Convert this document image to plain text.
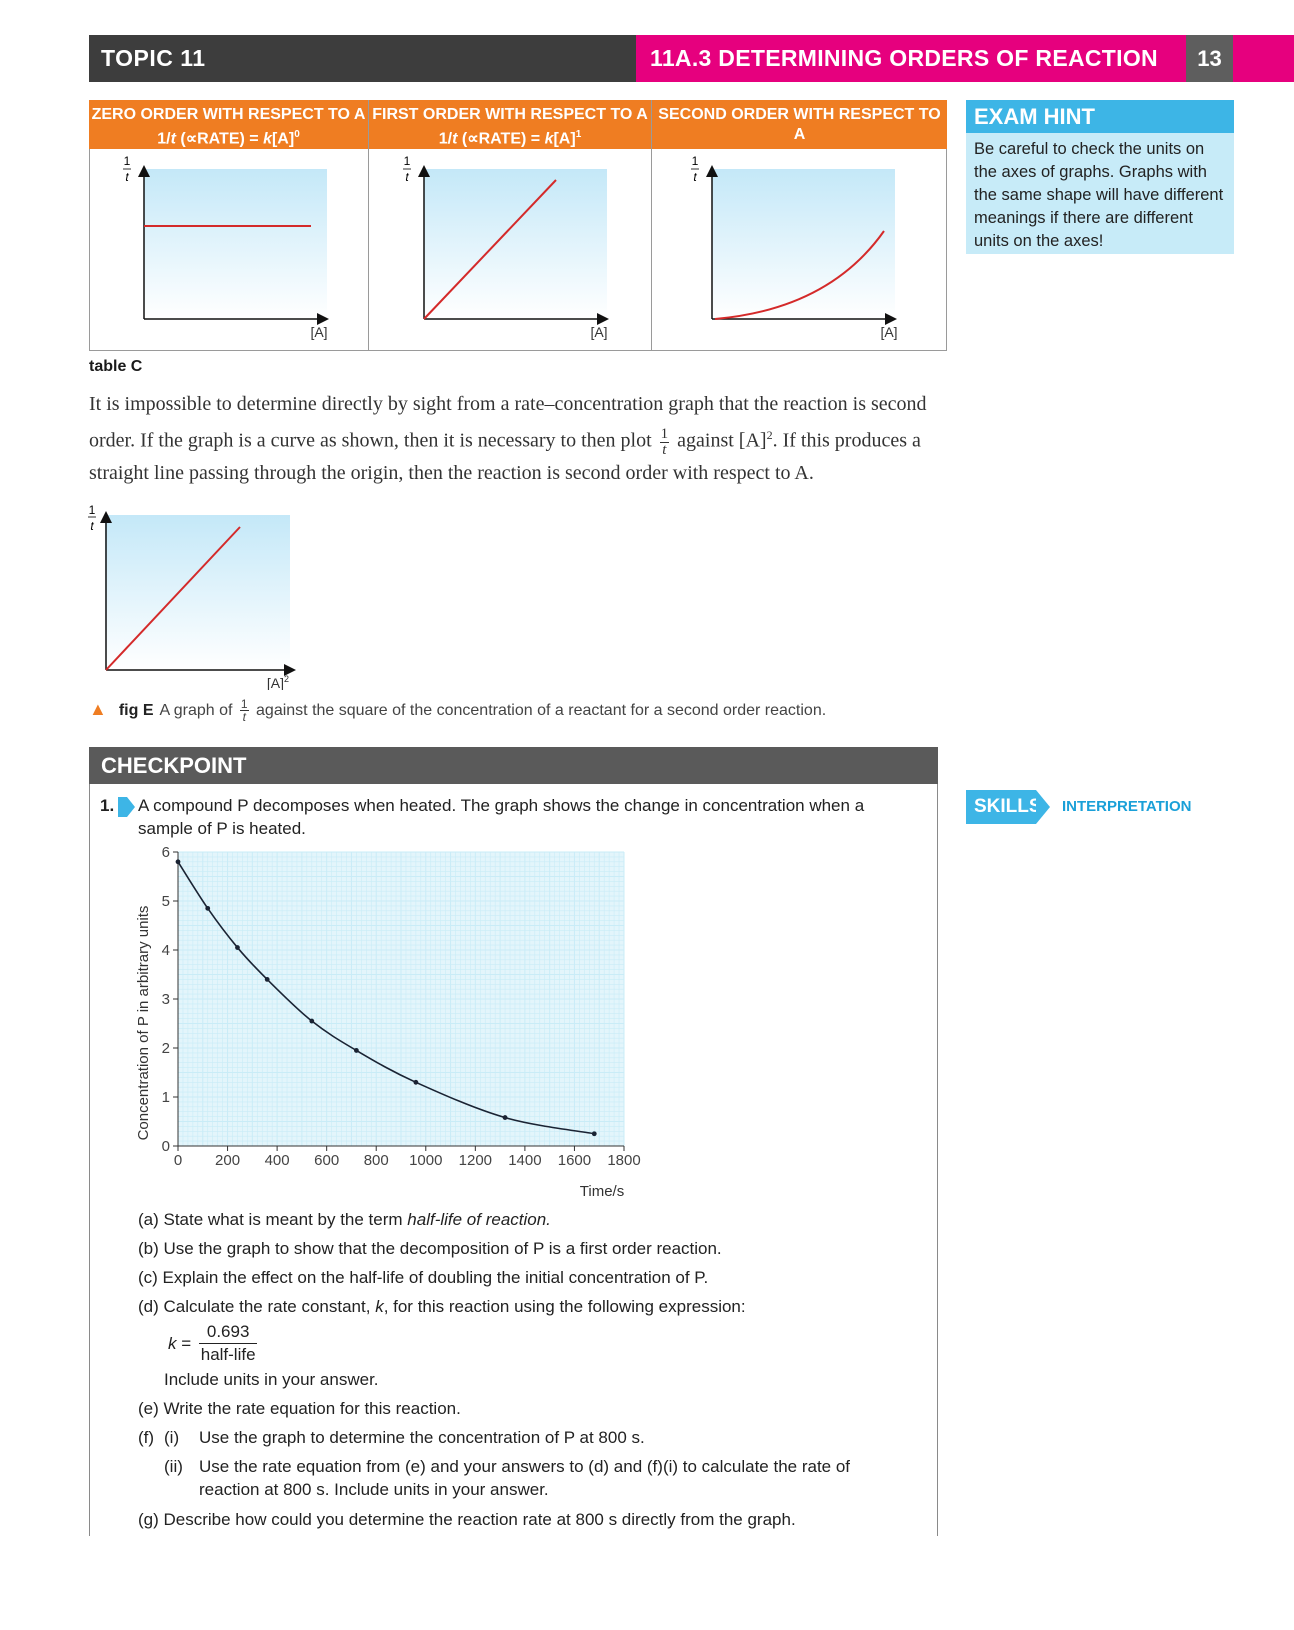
TOPIC 11	11A.3 DETERMINING ORDERS OF REACTION	13
ZERO ORDER WITH RESPECT TO A
1/t (∝RATE) = $k[A]^0$
FIRST ORDER WITH RESPECT TO A
1/t (∝RATE) = $k[A]^1$
SECOND ORDER WITH RESPECT TO A
1/t (∝RATE) = $k[A]^2$
1
t
[A]
1
t
[A]
1
t
[A]
table C
It is impossible to determine directly by sight from a rate–concentration graph that the reaction is second order. If the graph is a curve as shown, then it is necessary to then plot $\frac{1}{t}$ against $[A]^2$. If this produces a straight line passing through the origin, then the reaction is second order with respect to A.
1
t
$[A]^2$
▲ fig E A graph of $\frac{1}{t}$ against the square of the concentration of a reactant for a second order reaction.
EXAM HINT
Be careful to check the units on the axes of graphs. Graphs with the same shape will have different meanings if there are different units on the axes!
CHECKPOINT
1. A compound P decomposes when heated. The graph shows the change in concentration when a sample of P is heated.
SKILLS INTERPRETATION
0
1
2
3
4
5
6
0 200 400 600 800 1000 1200 1400 1600 1800
Concentration of P in arbitrary units
Time/s
(a) State what is meant by the term half-life of reaction.
(b) Use the graph to show that the decomposition of P is a first order reaction.
(c) Explain the effect on the half-life of doubling the initial concentration of P.
(d) Calculate the rate constant, k, for this reaction using the following expression:
$k = \frac{0.693}{\text{half-life}}$
Include units in your answer.
(e) Write the rate equation for this reaction.
(f) (i) Use the graph to determine the concentration of P at 800 s.
(ii) Use the rate equation from (e) and your answers to (d) and (f)(i) to calculate the rate of reaction at 800 s. Include units in your answer.
(g) Describe how could you determine the reaction rate at 800 s directly from the graph.
